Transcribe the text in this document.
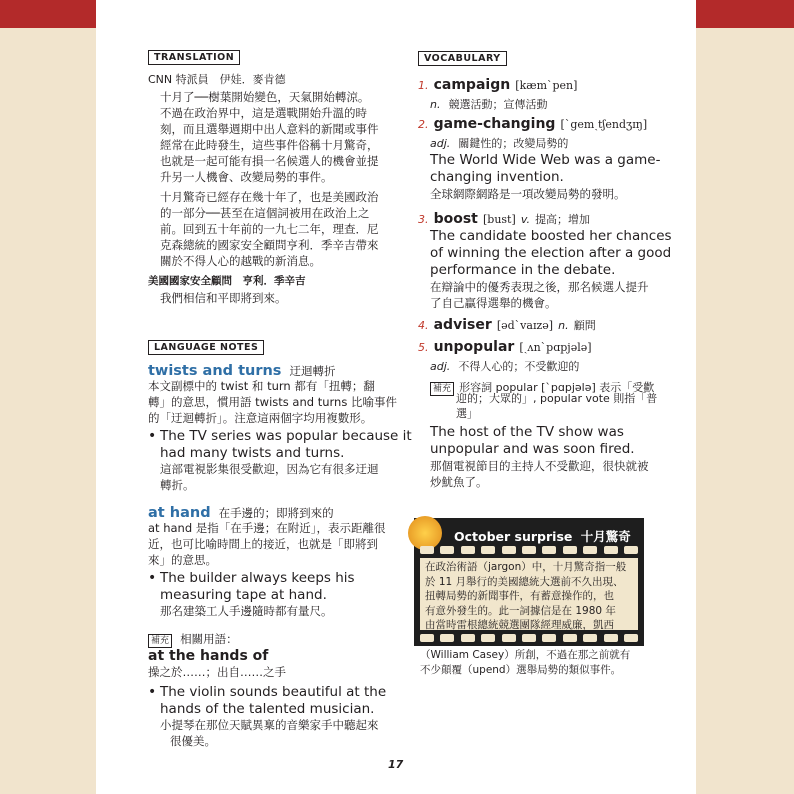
TRANSLATION
CNN 特派員　伊娃．麥肯德
十月了──樹葉開始變色，天氣開始轉涼。
不過在政治界中，這是選戰開始升溫的時
刻，而且選舉週期中出人意料的新聞或事件
經常在此時發生，這些事件俗稱十月驚奇，
也就是一起可能有損一名候選人的機會並提
升另一人機會、改變局勢的事件。
十月驚奇已經存在幾十年了，也是美國政治
的一部分──甚至在這個詞被用在政治上之
前。回到五十年前的一九七二年，理查．尼
克森總統的國家安全顧問亨利．季辛吉帶來
關於不得人心的越戰的新消息。
美國國家安全顧問　亨利．季辛吉
我們相信和平即將到來。
LANGUAGE NOTES
twists and turns 迂迴轉折
本文副標中的 twist 和 turn 都有「扭轉；翻
轉」的意思，慣用語 twists and turns 比喻事件
的「迂迴轉折」。注意這兩個字均用複數形。
• The TV series was popular because it
had many twists and turns.
這部電視影集很受歡迎，因為它有很多迂迴
轉折。
at hand 在手邊的；即將到來的
at hand 是指「在手邊；在附近」，表示距離很
近，也可比喻時間上的接近，也就是「即將到
來」的意思。
• The builder always keeps his
measuring tape at hand.
那名建築工人手邊隨時都有量尺。
補充 相關用語：
at the hands of
操之於……；出自……之手
• The violin sounds beautiful at the
hands of the talented musician.
小提琴在那位天賦異稟的音樂家手中聽起來
很優美。
VOCABULARY
1. campaign [kæmˋpen]
n. 競選活動；宣傳活動
2. game-changing [ˋgemˏtʃendʒɪŋ]
adj. 關鍵性的；改變局勢的
The World Wide Web was a game-
changing invention.
全球網際網路是一項改變局勢的發明。
3. boost [bust] v. 提高；增加
The candidate boosted her chances
of winning the election after a good
performance in the debate.
在辯論中的優秀表現之後，那名候選人提升
了自己贏得選舉的機會。
4. adviser [ədˋvaɪzə] n. 顧問
5. unpopular [ˏʌnˋpɑpjələ]
adj. 不得人心的；不受歡迎的
補充 形容詞 popular [ˋpɑpjələ] 表示「受歡
迎的；大眾的」, popular vote 則指「普
選」
The host of the TV show was
unpopular and was soon fired.
那個電視節目的主持人不受歡迎，很快就被
炒魷魚了。
October surprise 十月驚奇
在政治術語（jargon）中，十月驚奇指一般
於 11 月舉行的美國總統大選前不久出現、
扭轉局勢的新聞事件，有蓄意操作的，也
有意外發生的。此一詞據信是在 1980 年
由當時雷根總統競選團隊經理威廉，凱西
（William Casey）所創，不過在那之前就有
不少顛覆（upend）選舉局勢的類似事件。
17
